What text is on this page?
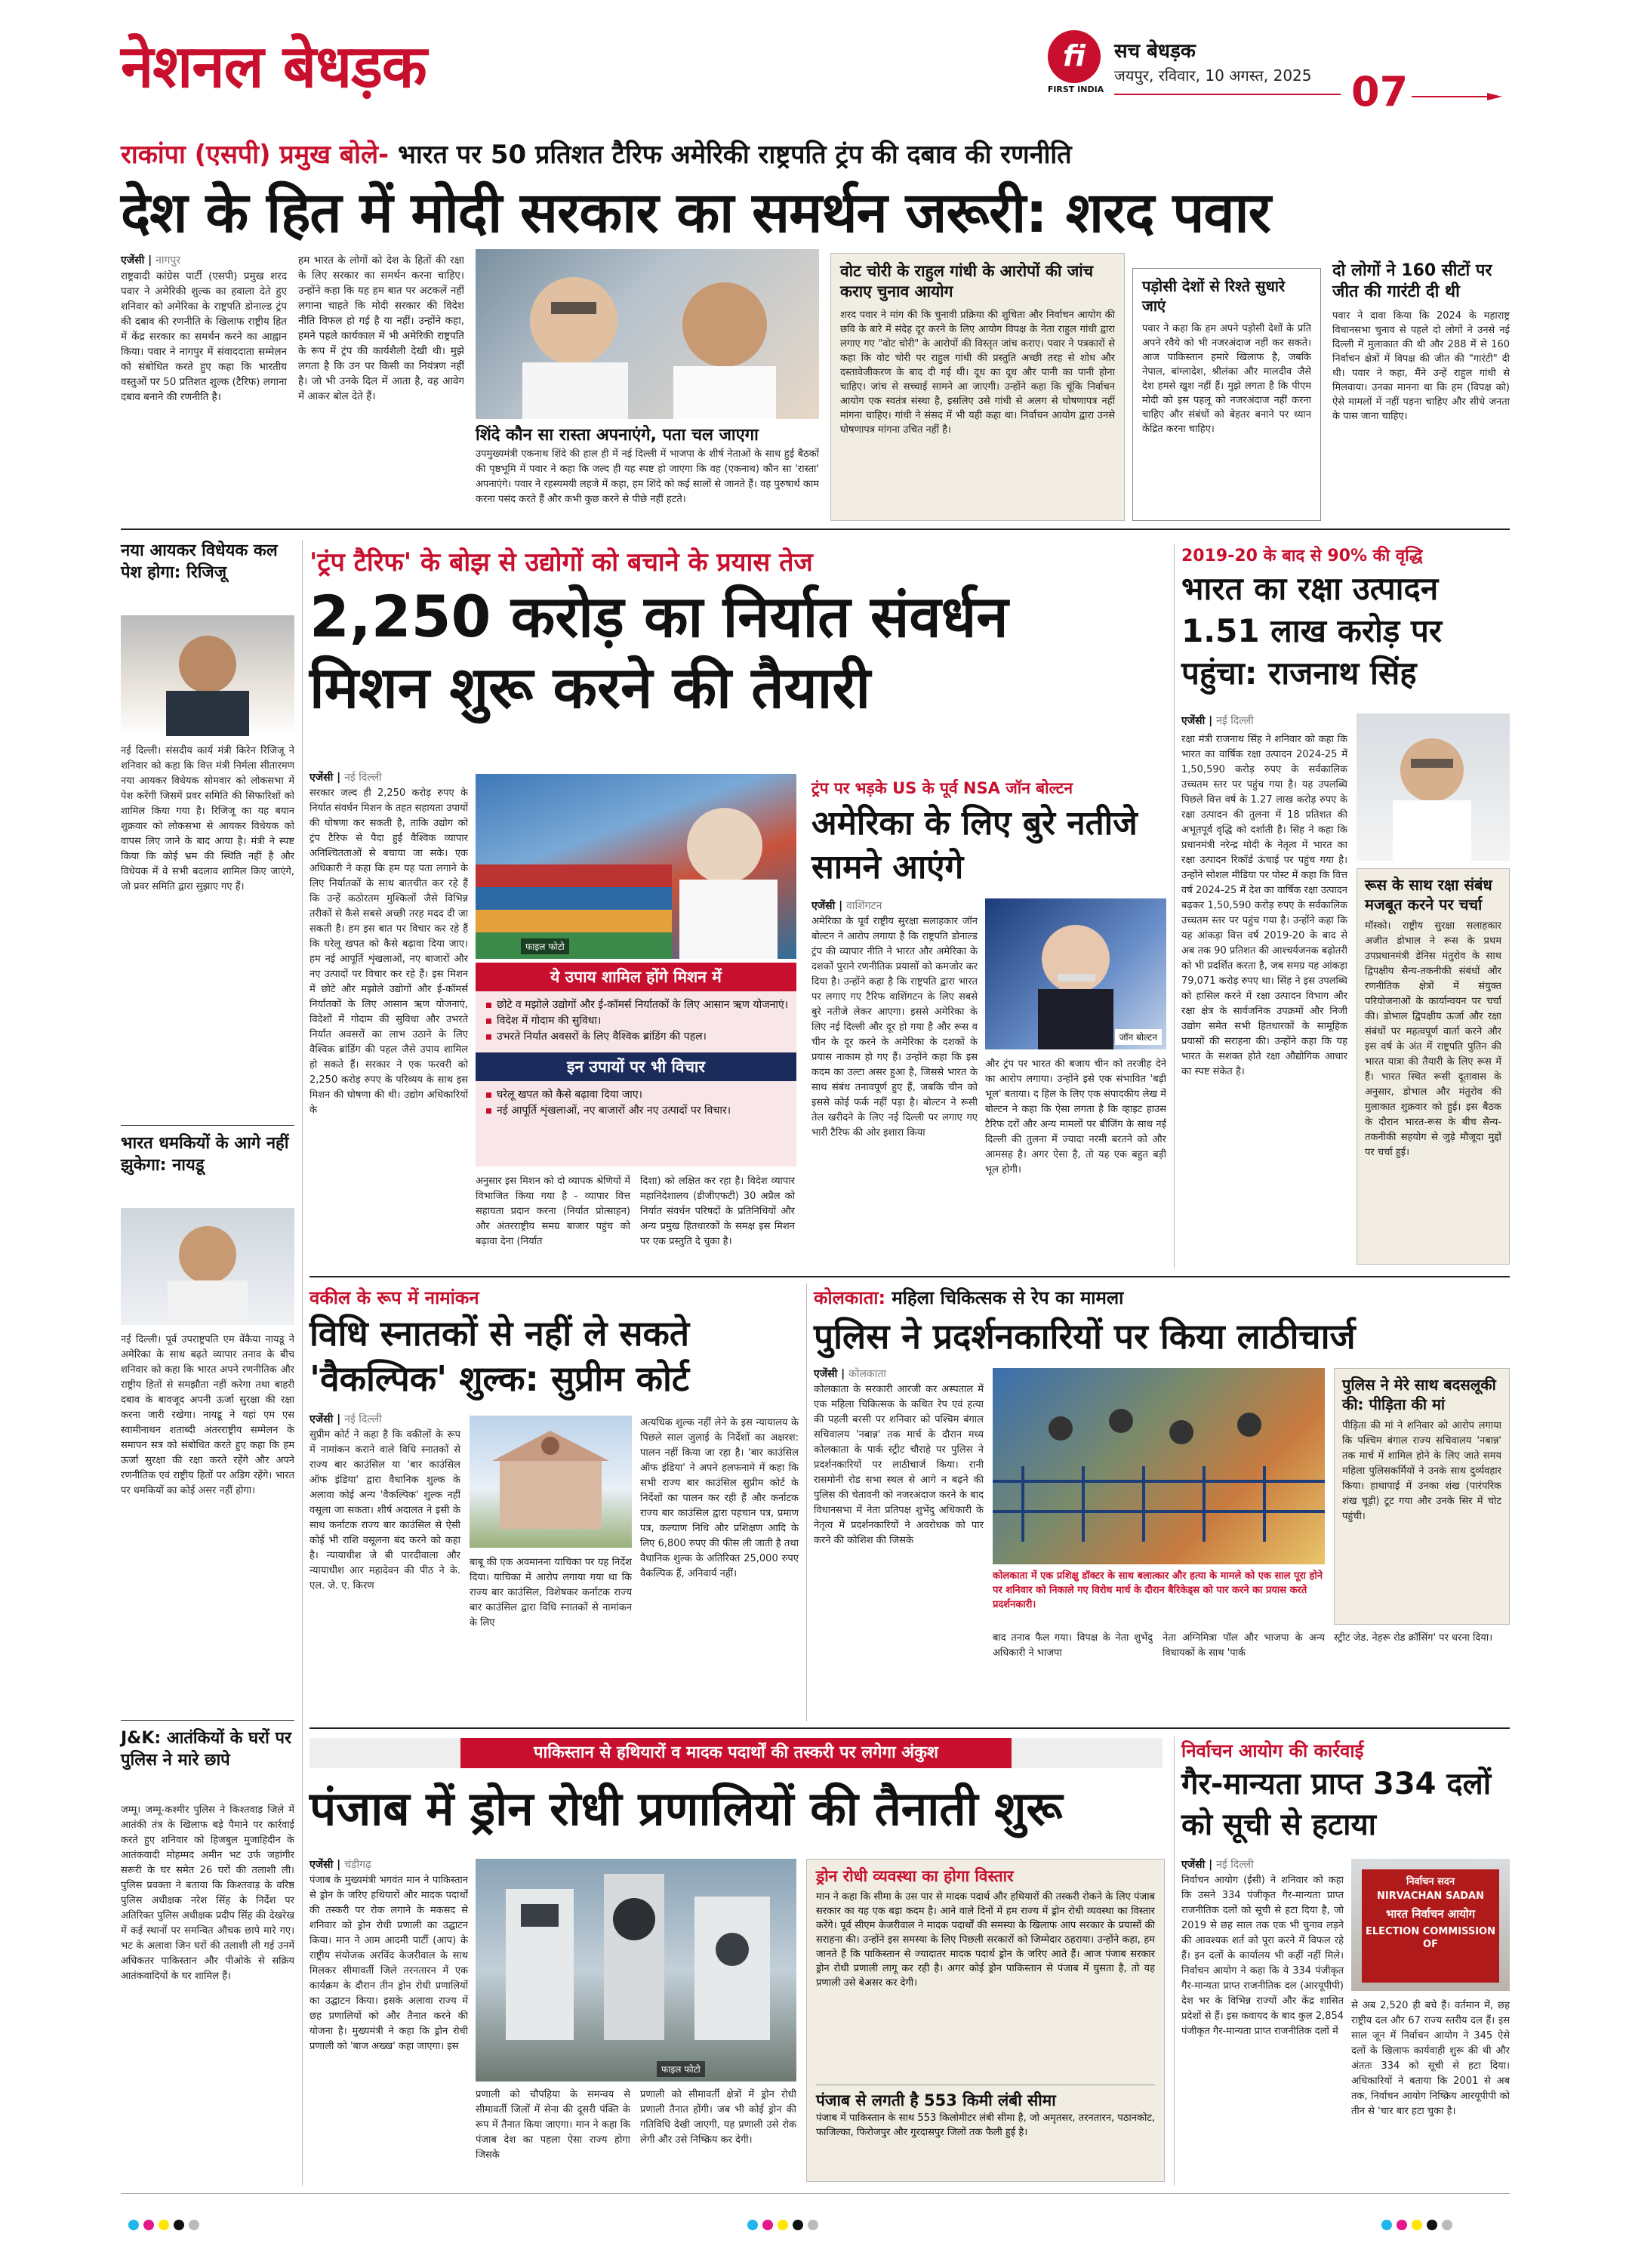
नेशनल बेधड़क	fi
FIRST INDIA
सच बेधड़क
जयपुर, रविवार, 10 अगस्त, 2025 07
राकांपा (एसपी) प्रमुख बोले- भारत पर 50 प्रतिशत टैरिफ अमेरिकी राष्ट्रपति ट्रंप की दबाव की रणनीति
देश के हित में मोदी सरकार का समर्थन जरूरी: शरद पवार
एजेंसी | नागपुर
राष्ट्रवादी कांग्रेस पार्टी (एसपी) प्रमुख शरद पवार ने अमेरिकी शुल्क का हवाला देते हुए शनिवार को अमेरिका के राष्ट्रपति डोनाल्ड ट्रंप की दबाव की रणनीति के खिलाफ राष्ट्रीय हित में केंद्र सरकार का समर्थन करने का आह्वान किया। पवार ने नागपुर में संवाददाता सम्मेलन को संबोधित करते हुए कहा कि भारतीय वस्तुओं पर 50 प्रतिशत शुल्क (टैरिफ) लगाना दबाव बनाने की रणनीति है।
हम भारत के लोगों को देश के हितों की रक्षा के लिए सरकार का समर्थन करना चाहिए। उन्होंने कहा कि यह हम बात पर अटकलें नहीं लगाना चाहते कि मोदी सरकार की विदेश नीति विफल हो गई है या नहीं। उन्होंने कहा, हमने पहले कार्यकाल में भी अमेरिकी राष्ट्रपति के रूप में ट्रंप की कार्यशैली देखी थी। मुझे लगता है कि उन पर किसी का नियंत्रण नहीं है। जो भी उनके दिल में आता है, वह आवेग में आकर बोल देते हैं।
शिंदे कौन सा रास्ता अपनाएंगे, पता चल जाएगा
उपमुख्यमंत्री एकनाथ शिंदे की हाल ही में नई दिल्ली में भाजपा के शीर्ष नेताओं के साथ हुई बैठकों की पृष्ठभूमि में पवार ने कहा कि जल्द ही यह स्पष्ट हो जाएगा कि वह (एकनाथ) कौन सा 'रास्ता' अपनाएंगे। पवार ने रहस्यमयी लहजे में कहा, हम शिंदे को कई सालों से जानते हैं। वह पुरुषार्थ काम करना पसंद करते हैं और कभी कुछ करने से पीछे नहीं हटते।
वोट चोरी के राहुल गांधी के आरोपों की जांच कराए चुनाव आयोग
शरद पवार ने मांग की कि चुनावी प्रक्रिया की शुचिता और निर्वाचन आयोग की छवि के बारे में संदेह दूर करने के लिए आयोग विपक्ष के नेता राहुल गांधी द्वारा लगाए गए "वोट चोरी" के आरोपों की विस्तृत जांच कराए। पवार ने पत्रकारों से कहा कि वोट चोरी पर राहुल गांधी की प्रस्तुति अच्छी तरह से शोध और दस्तावेजीकरण के बाद दी गई थी। दूध का दूध और पानी का पानी होना चाहिए। जांच से सच्चाई सामने आ जाएगी। उन्होंने कहा कि चूंकि निर्वाचन आयोग एक स्वतंत्र संस्था है, इसलिए उसे गांधी से अलग से घोषणापत्र नहीं मांगना चाहिए। गांधी ने संसद में भी यही कहा था। निर्वाचन आयोग द्वारा उनसे घोषणापत्र मांगना उचित नहीं है।
पड़ोसी देशों से रिश्ते सुधारे जाएं
पवार ने कहा कि हम अपने पड़ोसी देशों के प्रति अपने रवैये को भी नजरअंदाज नहीं कर सकते। आज पाकिस्तान हमारे खिलाफ है, जबकि नेपाल, बांग्लादेश, श्रीलंका और मालदीव जैसे देश हमसे खुश नहीं हैं। मुझे लगता है कि पीएम मोदी को इस पहलू को नजरअंदाज नहीं करना चाहिए और संबंधों को बेहतर बनाने पर ध्यान केंद्रित करना चाहिए।
दो लोगों ने 160 सीटों पर जीत की गारंटी दी थी
पवार ने दावा किया कि 2024 के महाराष्ट्र विधानसभा चुनाव से पहले दो लोगों ने उनसे नई दिल्ली में मुलाकात की थी और 288 में से 160 निर्वाचन क्षेत्रों में विपक्ष की जीत की "गारंटी" दी थी। पवार ने कहा, मैंने उन्हें राहुल गांधी से मिलवाया। उनका मानना था कि हम (विपक्ष को) ऐसे मामलों में नहीं पड़ना चाहिए और सीधे जनता के पास जाना चाहिए।
नया आयकर विधेयक कल पेश होगा: रिजिजू
नई दिल्ली। संसदीय कार्य मंत्री किरेन रिजिजू ने शनिवार को कहा कि वित्त मंत्री निर्मला सीतारमण नया आयकर विधेयक सोमवार को लोकसभा में पेश करेंगी जिसमें प्रवर समिति की सिफारिशों को शामिल किया गया है। रिजिजू का यह बयान शुक्रवार को लोकसभा से आयकर विधेयक को वापस लिए जाने के बाद आया है। मंत्री ने स्पष्ट किया कि कोई भ्रम की स्थिति नहीं है और विधेयक में वे सभी बदलाव शामिल किए जाएंगे, जो प्रवर समिति द्वारा सुझाए गए हैं।
भारत धमकियों के आगे नहीं झुकेगा: नायडू
नई दिल्ली। पूर्व उपराष्ट्रपति एम वेंकैया नायडू ने अमेरिका के साथ बढ़ते व्यापार तनाव के बीच शनिवार को कहा कि भारत अपने रणनीतिक और राष्ट्रीय हितों से समझौता नहीं करेगा तथा बाहरी दबाव के बावजूद अपनी ऊर्जा सुरक्षा की रक्षा करना जारी रखेगा। नायडू ने यहां एम एस स्वामीनाथन शताब्दी अंतरराष्ट्रीय सम्मेलन के समापन सत्र को संबोधित करते हुए कहा कि हम ऊर्जा सुरक्षा की रक्षा करते रहेंगे और अपने रणनीतिक एवं राष्ट्रीय हितों पर अडिग रहेंगे। भारत पर धमकियों का कोई असर नहीं होगा।
J&K: आतंकियों के घरों पर पुलिस ने मारे छापे
जम्मू। जम्मू-कश्मीर पुलिस ने किश्तवाड़ जिले में आतंकी तंत्र के खिलाफ बड़े पैमाने पर कार्रवाई करते हुए शनिवार को हिजबुल मुजाहिदीन के आतंकवादी मोहम्मद अमीन भट उर्फ जहांगीर सरूरी के घर समेत 26 घरों की तलाशी ली। पुलिस प्रवक्ता ने बताया कि किश्तवाड़ के वरिष्ठ पुलिस अधीक्षक नरेश सिंह के निर्देश पर अतिरिक्त पुलिस अधीक्षक प्रदीप सिंह की देखरेख में कई स्थानों पर समन्वित औचक छापे मारे गए। भट के अलावा जिन घरों की तलाशी ली गई उनमें अधिकतर पाकिस्तान और पीओके से सक्रिय आतंकवादियों के घर शामिल हैं।
'ट्रंप टैरिफ' के बोझ से उद्योगों को बचाने के प्रयास तेज
2,250 करोड़ का निर्यात संवर्धन
मिशन शुरू करने की तैयारी
एजेंसी | नई दिल्ली
सरकार जल्द ही 2,250 करोड़ रुपए के निर्यात संवर्धन मिशन के तहत सहायता उपायों की घोषणा कर सकती है, ताकि उद्योग को ट्रंप टैरिफ से पैदा हुई वैश्विक व्यापार अनिश्चितताओं से बचाया जा सके। एक अधिकारी ने कहा कि हम यह पता लगाने के लिए निर्यातकों के साथ बातचीत कर रहे हैं कि उन्हें कठोरतम मुश्किलों जैसे विभिन्न तरीकों से कैसे सबसे अच्छी तरह मदद दी जा सकती है। हम इस बात पर विचार कर रहे हैं कि घरेलू खपत को कैसे बढ़ावा दिया जाए। हम नई आपूर्ति शृंखलाओं, नए बाजारों और नए उत्पादों पर विचार कर रहे हैं। इस मिशन में छोटे और मझोले उद्योगों और ई-कॉमर्स निर्यातकों के लिए आसान ऋण योजनाएं, विदेशों में गोदाम की सुविधा और उभरते निर्यात अवसरों का लाभ उठाने के लिए वैश्विक ब्रांडिंग की पहल जैसे उपाय शामिल हो सकते हैं। सरकार ने एक फरवरी को 2,250 करोड़ रुपए के परिव्यय के साथ इस मिशन की घोषणा की थी। उद्योग अधिकारियों के
फाइल फोटो
ये उपाय शामिल होंगे मिशन में
छोटे व मझोले उद्योगों और ई-कॉमर्स निर्यातकों के लिए आसान ऋण योजनाएं।
विदेश में गोदाम की सुविधा।
उभरते निर्यात अवसरों के लिए वैश्विक ब्रांडिंग की पहल।
इन उपायों पर भी विचार
घरेलू खपत को कैसे बढ़ावा दिया जाए।
नई आपूर्ति शृंखलाओं, नए बाजारों और नए उत्पादों पर विचार।
अनुसार इस मिशन को दो व्यापक श्रेणियों में विभाजित किया गया है - व्यापार वित्त सहायता प्रदान करना (निर्यात प्रोत्साहन) और अंतरराष्ट्रीय समग्र बाजार पहुंच को बढ़ावा देना (निर्यात
दिशा) को लक्षित कर रहा है। विदेश व्यापार महानिदेशालय (डीजीएफटी) 30 अप्रैल को निर्यात संवर्धन परिषदों के प्रतिनिधियों और अन्य प्रमुख हितधारकों के समक्ष इस मिशन पर एक प्रस्तुति दे चुका है।
ट्रंप पर भड़के US के पूर्व NSA जॉन बोल्टन
अमेरिका के लिए बुरे नतीजे सामने आएंगे
एजेंसी | वाशिंगटन
अमेरिका के पूर्व राष्ट्रीय सुरक्षा सलाहकार जॉन बोल्टन ने आरोप लगाया है कि राष्ट्रपति डोनाल्ड ट्रंप की व्यापार नीति ने भारत और अमेरिका के दशकों पुराने रणनीतिक प्रयासों को कमजोर कर दिया है। उन्होंने कहा है कि राष्ट्रपति द्वारा भारत पर लगाए गए टैरिफ वाशिंगटन के लिए सबसे बुरे नतीजे लेकर आएगा। इससे अमेरिका के लिए नई दिल्ली और दूर हो गया है और रूस व चीन के दूर करने के अमेरिका के दशकों के प्रयास नाकाम हो गए हैं। उन्होंने कहा कि इस कदम का उल्टा असर हुआ है, जिससे भारत के साथ संबंध तनावपूर्ण हुए हैं, जबकि चीन को इससे कोई फर्क नहीं पड़ा है। बोल्टन ने रूसी तेल खरीदने के लिए नई दिल्ली पर लगाए गए भारी टैरिफ की ओर इशारा किया
जॉन बोल्टन
और ट्रंप पर भारत की बजाय चीन को तरजीह देने का आरोप लगाया। उन्होंने इसे एक संभावित 'बड़ी भूल' बताया। द हिल के लिए एक संपादकीय लेख में बोल्टन ने कहा कि ऐसा लगता है कि व्हाइट हाउस टैरिफ दरों और अन्य मामलों पर बीजिंग के साथ नई दिल्ली की तुलना में ज्यादा नरमी बरतने को और आमसह है। अगर ऐसा है, तो यह एक बहुत बड़ी भूल होगी।
2019-20 के बाद से 90% की वृद्धि
भारत का रक्षा उत्पादन 1.51 लाख करोड़ पर पहुंचा: राजनाथ सिंह
एजेंसी | नई दिल्ली
रक्षा मंत्री राजनाथ सिंह ने शनिवार को कहा कि भारत का वार्षिक रक्षा उत्पादन 2024-25 में 1,50,590 करोड़ रुपए के सर्वकालिक उच्चतम स्तर पर पहुंच गया है। यह उपलब्धि पिछले वित्त वर्ष के 1.27 लाख करोड़ रुपए के रक्षा उत्पादन की तुलना में 18 प्रतिशत की अभूतपूर्व वृद्धि को दर्शाती है। सिंह ने कहा कि प्रधानमंत्री नरेन्द्र मोदी के नेतृत्व में भारत का रक्षा उत्पादन रिकॉर्ड ऊंचाई पर पहुंच गया है। उन्होंने सोशल मीडिया पर पोस्ट में कहा कि वित्त वर्ष 2024-25 में देश का वार्षिक रक्षा उत्पादन बढ़कर 1,50,590 करोड़ रुपए के सर्वकालिक उच्चतम स्तर पर पहुंच गया है। उन्होंने कहा कि यह आंकड़ा वित्त वर्ष 2019-20 के बाद से अब तक 90 प्रतिशत की आश्चर्यजनक बढ़ोतरी को भी प्रदर्शित करता है, जब समग्र यह आंकड़ा 79,071 करोड़ रुपए था। सिंह ने इस उपलब्धि को हासिल करने में रक्षा उत्पादन विभाग और रक्षा क्षेत्र के सार्वजनिक उपक्रमों और निजी उद्योग समेत सभी हितधारकों के सामूहिक प्रयासों की सराहना की। उन्होंने कहा कि यह भारत के सशक्त होते रक्षा औद्योगिक आधार का स्पष्ट संकेत है।
रूस के साथ रक्षा संबंध मजबूत करने पर चर्चा
मॉस्को। राष्ट्रीय सुरक्षा सलाहकार अजीत डोभाल ने रूस के प्रथम उपप्रधानमंत्री डेनिस मंतुरोव के साथ द्विपक्षीय सैन्य-तकनीकी संबंधों और रणनीतिक क्षेत्रों में संयुक्त परियोजनाओं के कार्यान्वयन पर चर्चा की। डोभाल द्विपक्षीय ऊर्जा और रक्षा संबंधों पर महत्वपूर्ण वार्ता करने और इस वर्ष के अंत में राष्ट्रपति पुतिन की भारत यात्रा की तैयारी के लिए रूस में हैं। भारत स्थित रूसी दूतावास के अनुसार, डोभाल और मंतुरोव की मुलाकात शुक्रवार को हुई। इस बैठक के दौरान भारत-रूस के बीच सैन्य-तकनीकी सहयोग से जुड़े मौजूदा मुद्दों पर चर्चा हुई।
वकील के रूप में नामांकन
विधि स्नातकों से नहीं ले सकते
'वैकल्पिक' शुल्क: सुप्रीम कोर्ट
एजेंसी | नई दिल्ली
सुप्रीम कोर्ट ने कहा है कि वकीलों के रूप में नामांकन कराने वाले विधि स्नातकों से राज्य बार काउंसिल या 'बार काउंसिल ऑफ इंडिया' द्वारा वैधानिक शुल्क के अलावा कोई अन्य 'वैकल्पिक' शुल्क नहीं वसूला जा सकता। शीर्ष अदालत ने इसी के साथ कर्नाटक राज्य बार काउंसिल से ऐसी कोई भी राशि वसूलना बंद करने को कहा है। न्यायाधीश जे बी पारदीवाला और न्यायाधीश आर महादेवन की पीठ ने के. एल. जे. ए. किरण
बाबू की एक अवमानना याचिका पर यह निर्देश दिया। याचिका में आरोप लगाया गया था कि राज्य बार काउंसिल, विशेषकर कर्नाटक राज्य बार काउंसिल द्वारा विधि स्नातकों से नामांकन के लिए
अत्यधिक शुल्क नहीं लेने के इस न्यायालय के पिछले साल जुलाई के निर्देशों का अक्षरश: पालन नहीं किया जा रहा है। 'बार काउंसिल ऑफ इंडिया' ने अपने हलफनामे में कहा कि सभी राज्य बार काउंसिल सुप्रीम कोर्ट के निर्देशों का पालन कर रही हैं और कर्नाटक राज्य बार काउंसिल द्वारा पहचान पत्र, प्रमाण पत्र, कल्याण निधि और प्रशिक्षण आदि के लिए 6,800 रुपए की फीस ली जाती है तथा वैधानिक शुल्क के अतिरिक्त 25,000 रुपए वैकल्पिक हैं, अनिवार्य नहीं।
कोलकाता: महिला चिकित्सक से रेप का मामला
पुलिस ने प्रदर्शनकारियों पर किया लाठीचार्ज
एजेंसी | कोलकाता
कोलकाता के सरकारी आरजी कर अस्पताल में एक महिला चिकित्सक के कथित रेप एवं हत्या की पहली बरसी पर शनिवार को पश्चिम बंगाल सचिवालय 'नबान्न' तक मार्च के दौरान मध्य कोलकाता के पार्क स्ट्रीट चौराहे पर पुलिस ने प्रदर्शनकारियों पर लाठीचार्ज किया। रानी रासमोनी रोड सभा स्थल से आगे न बढ़ने की पुलिस की चेतावनी को नजरअंदाज करने के बाद विधानसभा में नेता प्रतिपक्ष शुभेंदु अधिकारी के नेतृत्व में प्रदर्शनकारियों ने अवरोधक को पार करने की कोशिश की जिसके
कोलकाता में एक प्रशिक्षु डॉक्टर के साथ बलात्कार और हत्या के मामले को एक साल पूरा होने पर शनिवार को निकाले गए विरोध मार्च के दौरान बैरिकेड्स को पार करने का प्रयास करते प्रदर्शनकारी।
बाद तनाव फैल गया। विपक्ष के नेता शुभेंदु अधिकारी ने भाजपा
नेता अग्निमित्रा पॉल और भाजपा के अन्य विधायकों के साथ 'पार्क
पुलिस ने मेरे साथ बदसलूकी की: पीड़िता की मां
पीड़िता की मां ने शनिवार को आरोप लगाया कि पश्चिम बंगाल राज्य सचिवालय 'नबान्न' तक मार्च में शामिल होने के लिए जाते समय महिला पुलिसकर्मियों ने उनके साथ दुर्व्यवहार किया। हाथापाई में उनका शंख (पारंपरिक शंख चूड़ी) टूट गया और उनके सिर में चोट पहुंची।
स्ट्रीट जेड. नेहरू रोड क्रॉसिंग' पर धरना दिया।
पाकिस्तान से हथियारों व मादक पदार्थों की तस्करी पर लगेगा अंकुश
पंजाब में ड्रोन रोधी प्रणालियों की तैनाती शुरू
एजेंसी | चंडीगढ़
पंजाब के मुख्यमंत्री भगवंत मान ने पाकिस्तान से ड्रोन के जरिए हथियारों और मादक पदार्थों की तस्करी पर रोक लगाने के मकसद से शनिवार को ड्रोन रोधी प्रणाली का उद्घाटन किया। मान ने आम आदमी पार्टी (आप) के राष्ट्रीय संयोजक अरविंद केजरीवाल के साथ मिलकर सीमावर्ती जिले तरनतारन में एक कार्यक्रम के दौरान तीन ड्रोन रोधी प्रणालियों का उद्घाटन किया। इसके अलावा राज्य में छह प्रणालियों को और तैनात करने की योजना है। मुख्यमंत्री ने कहा कि ड्रोन रोधी प्रणाली को 'बाज अख्ख' कहा जाएगा। इस
फाइल फोटो
प्रणाली को चौपहिया के समन्वय से सीमावर्ती जिलों में सेना की दूसरी पंक्ति के रूप में तैनात किया जाएगा। मान ने कहा कि पंजाब देश का पहला ऐसा राज्य होगा जिसके
प्रणाली को सीमावर्ती क्षेत्रों में ड्रोन रोधी प्रणाली तैनात होंगी। जब भी कोई ड्रोन की गतिविधि देखी जाएगी, यह प्रणाली उसे रोक लेगी और उसे निष्क्रिय कर देगी।
ड्रोन रोधी व्यवस्था का होगा विस्तार
मान ने कहा कि सीमा के उस पार से मादक पदार्थ और हथियारों की तस्करी रोकने के लिए पंजाब सरकार का यह एक बड़ा कदम है। आने वाले दिनों में हम राज्य में ड्रोन रोधी व्यवस्था का विस्तार करेंगे। पूर्व सीएम केजरीवाल ने मादक पदार्थों की समस्या के खिलाफ आप सरकार के प्रयासों की सराहना की। उन्होंने इस समस्या के लिए पिछली सरकारों को जिम्मेदार ठहराया। उन्होंने कहा, हम जानते हैं कि पाकिस्तान से ज्यादातर मादक पदार्थ ड्रोन के जरिए आते हैं। आज पंजाब सरकार ड्रोन रोधी प्रणाली लागू कर रही है। अगर कोई ड्रोन पाकिस्तान से पंजाब में घुसता है, तो यह प्रणाली उसे बेअसर कर देगी।
पंजाब से लगती है 553 किमी लंबी सीमा
पंजाब में पाकिस्तान के साथ 553 किलोमीटर लंबी सीमा है, जो अमृतसर, तरनतारन, पठानकोट, फाजिल्का, फिरोजपुर और गुरदासपुर जिलों तक फैली हुई है।
निर्वाचन आयोग की कार्रवाई
गैर-मान्यता प्राप्त 334 दलों को सूची से हटाया
एजेंसी | नई दिल्ली
निर्वाचन आयोग (ईसी) ने शनिवार को कहा कि उसने 334 पंजीकृत गैर-मान्यता प्राप्त राजनीतिक दलों को सूची से हटा दिया है, जो 2019 से छह साल तक एक भी चुनाव लड़ने की आवश्यक शर्त को पूरा करने में विफल रहे हैं। इन दलों के कार्यालय भी कहीं नहीं मिले। निर्वाचन आयोग ने कहा कि ये 334 पंजीकृत गैर-मान्यता प्राप्त राजनीतिक दल (आरयूपीपी) देश भर के विभिन्न राज्यों और केंद्र शासित प्रदेशों से हैं। इस कवायद के बाद कुल 2,854 पंजीकृत गैर-मान्यता प्राप्त राजनीतिक दलों में
निर्वाचन सदन
NIRVACHAN SADAN
भारत निर्वाचन आयोग
ELECTION COMMISSION
OF
से अब 2,520 ही बचे हैं। वर्तमान में, छह राष्ट्रीय दल और 67 राज्य स्तरीय दल हैं। इस साल जून में निर्वाचन आयोग ने 345 ऐसे दलों के खिलाफ कार्यवाही शुरू की थी और अंततः 334 को सूची से हटा दिया। अधिकारियों ने बताया कि 2001 से अब तक, निर्वाचन आयोग निष्क्रिय आरयूपीपी को तीन से 'चार बार हटा चुका है।
